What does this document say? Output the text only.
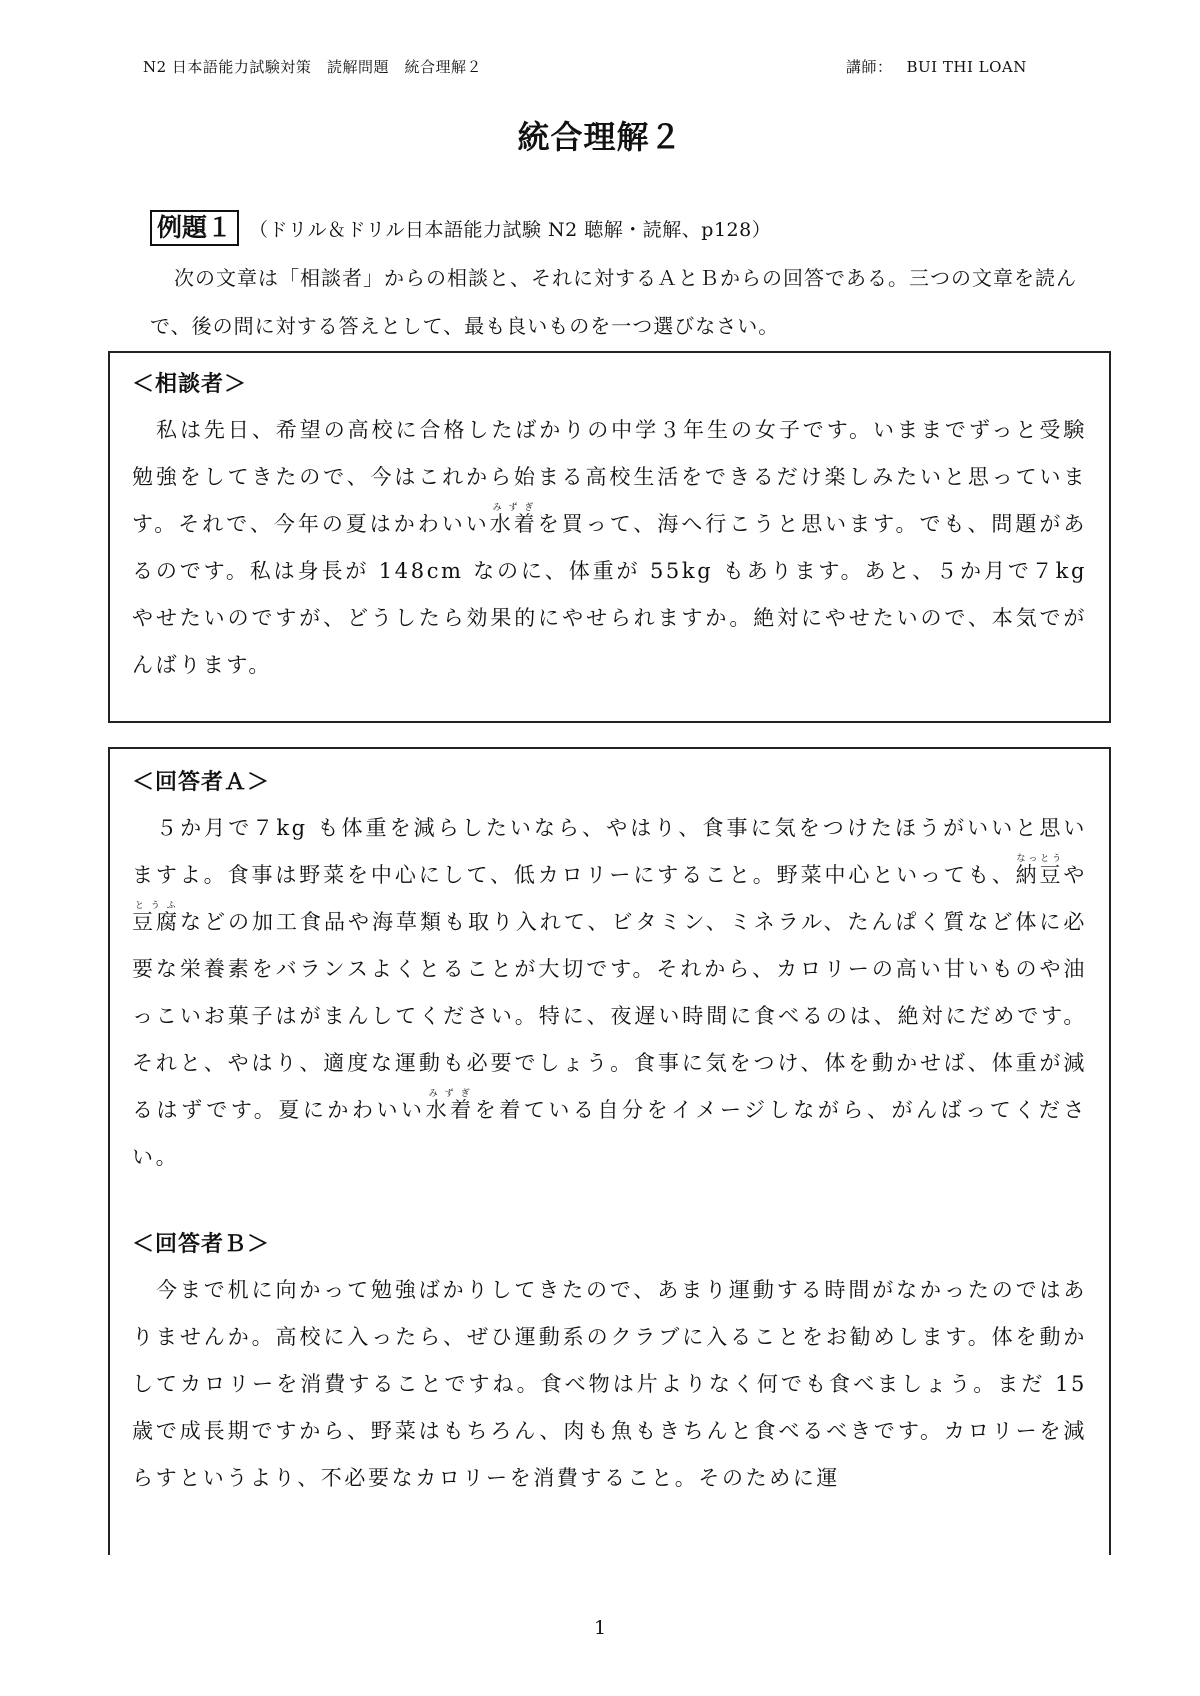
N2 日本語能力試験対策　読解問題　統合理解２	講師： BUI THI LOAN
統合理解２
例題１ （ドリル＆ドリル日本語能力試験 N2 聴解・読解、p128）
次の文章は「相談者」からの相談と、それに対するＡとＢからの回答である。三つの文章を読んで、後の問に対する答えとして、最も良いものを一つ選びなさい。
＜相談者＞

私は先日、希望の高校に合格したばかりの中学３年生の女子です。いままでずっと受験勉強をしてきたので、今はこれから始まる高校生活をできるだけ楽しみたいと思っています。それで、今年の夏はかわいい水着みずぎを買って、海へ行こうと思います。でも、問題があるのです。私は身長が 148cm なのに、体重が 55kg もあります。あと、５か月で７kg やせたいのですが、どうしたら効果的にやせられますか。絶対にやせたいので、本気でがんばります。

＜回答者Ａ＞

５か月で７kg も体重を減らしたいなら、やはり、食事に気をつけたほうがいいと思いますよ。食事は野菜を中心にして、低カロリーにすること。野菜中心といっても、納豆なっとうや豆腐とうふなどの加工食品や海草類も取り入れて、ビタミン、ミネラル、たんぱく質など体に必要な栄養素をバランスよくとることが大切です。それから、カロリーの高い甘いものや油っこいお菓子はがまんしてください。特に、夜遅い時間に食べるのは、絶対にだめです。それと、やはり、適度な運動も必要でしょう。食事に気をつけ、体を動かせば、体重が減るはずです。夏にかわいい水着みずぎを着ている自分をイメージしながら、がんばってください。

＜回答者Ｂ＞

今まで机に向かって勉強ばかりしてきたので、あまり運動する時間がなかったのではありませんか。高校に入ったら、ぜひ運動系のクラブに入ることをお勧めします。体を動かしてカロリーを消費することですね。食べ物は片よりなく何でも食べましょう。まだ 15 歳で成長期ですから、野菜はもちろん、肉も魚もきちんと食べるべきです。カロリーを減らすというより、不必要なカロリーを消費すること。そのために運

1
